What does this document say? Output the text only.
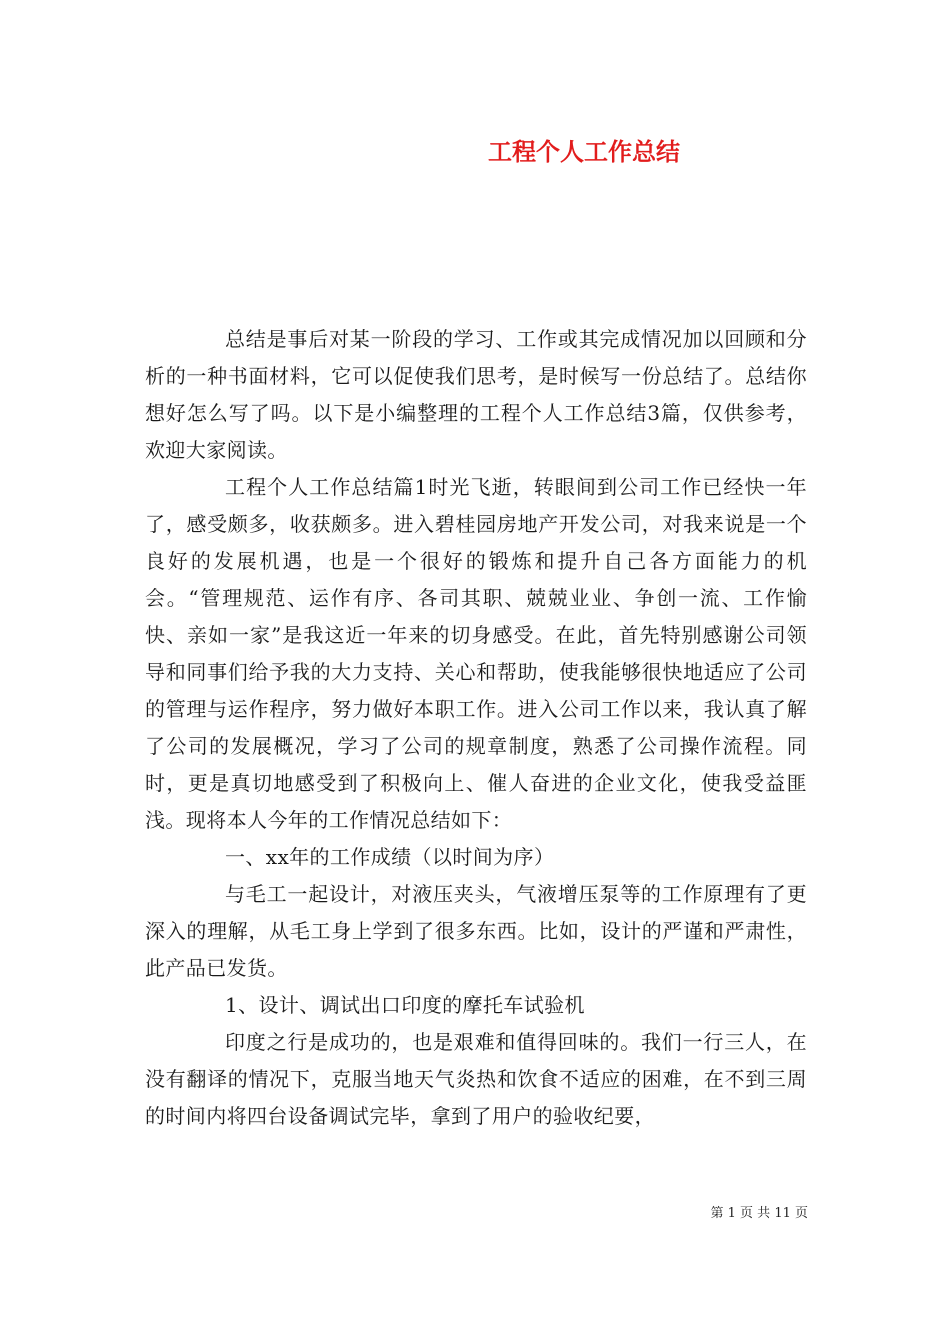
工程个人工作总结

总结是事后对某一阶段的学习、工作或其完成情况加以回顾和分析的一种书面材料，它可以促使我们思考，是时候写一份总结了。总结你想好怎么写了吗。以下是小编整理的工程个人工作总结3篇，仅供参考，欢迎大家阅读。

工程个人工作总结篇1时光飞逝，转眼间到公司工作已经快一年了，感受颇多，收获颇多。进入碧桂园房地产开发公司，对我来说是一个良好的发展机遇，也是一个很好的锻炼和提升自己各方面能力的机会。“管理规范、运作有序、各司其职、兢兢业业、争创一流、工作愉快、亲如一家”是我这近一年来的切身感受。在此，首先特别感谢公司领导和同事们给予我的大力支持、关心和帮助，使我能够很快地适应了公司的管理与运作程序，努力做好本职工作。进入公司工作以来，我认真了解了公司的发展概况，学习了公司的规章制度，熟悉了公司操作流程。同时，更是真切地感受到了积极向上、催人奋进的企业文化，使我受益匪浅。现将本人今年的工作情况总结如下：

一、xx年的工作成绩（以时间为序）

与毛工一起设计，对液压夹头，气液增压泵等的工作原理有了更深入的理解，从毛工身上学到了很多东西。比如，设计的严谨和严肃性，此产品已发货。

1、设计、调试出口印度的摩托车试验机

印度之行是成功的，也是艰难和值得回味的。我们一行三人，在没有翻译的情况下，克服当地天气炎热和饮食不适应的困难，在不到三周的时间内将四台设备调试完毕，拿到了用户的验收纪要，

第 1 页 共 11 页
